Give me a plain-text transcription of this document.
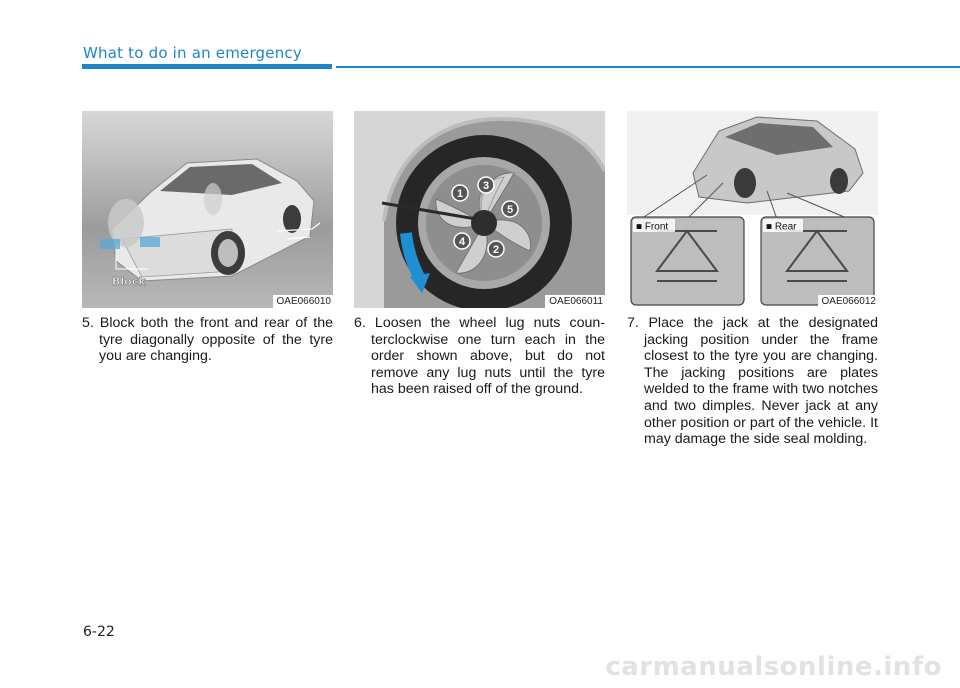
What to do in an emergency
Block
OAE066010
1
2
3
4
5
OAE066011
■ Front	■ Rear
OAE066012

5. Block both the front and rear of the tyre diagonally opposite of the tyre you are changing.

6. Loosen the wheel lug nuts counterclockwise one turn each in the order shown above, but do not remove any lug nuts until the tyre has been raised off of the ground.

7. Place the jack at the designated jacking position under the frame closest to the tyre you are changing. The jacking positions are plates welded to the frame with two notches and two dimples. Never jack at any other position or part of the vehicle. It may damage the side seal molding.

6-22
carmanualsonline.info
